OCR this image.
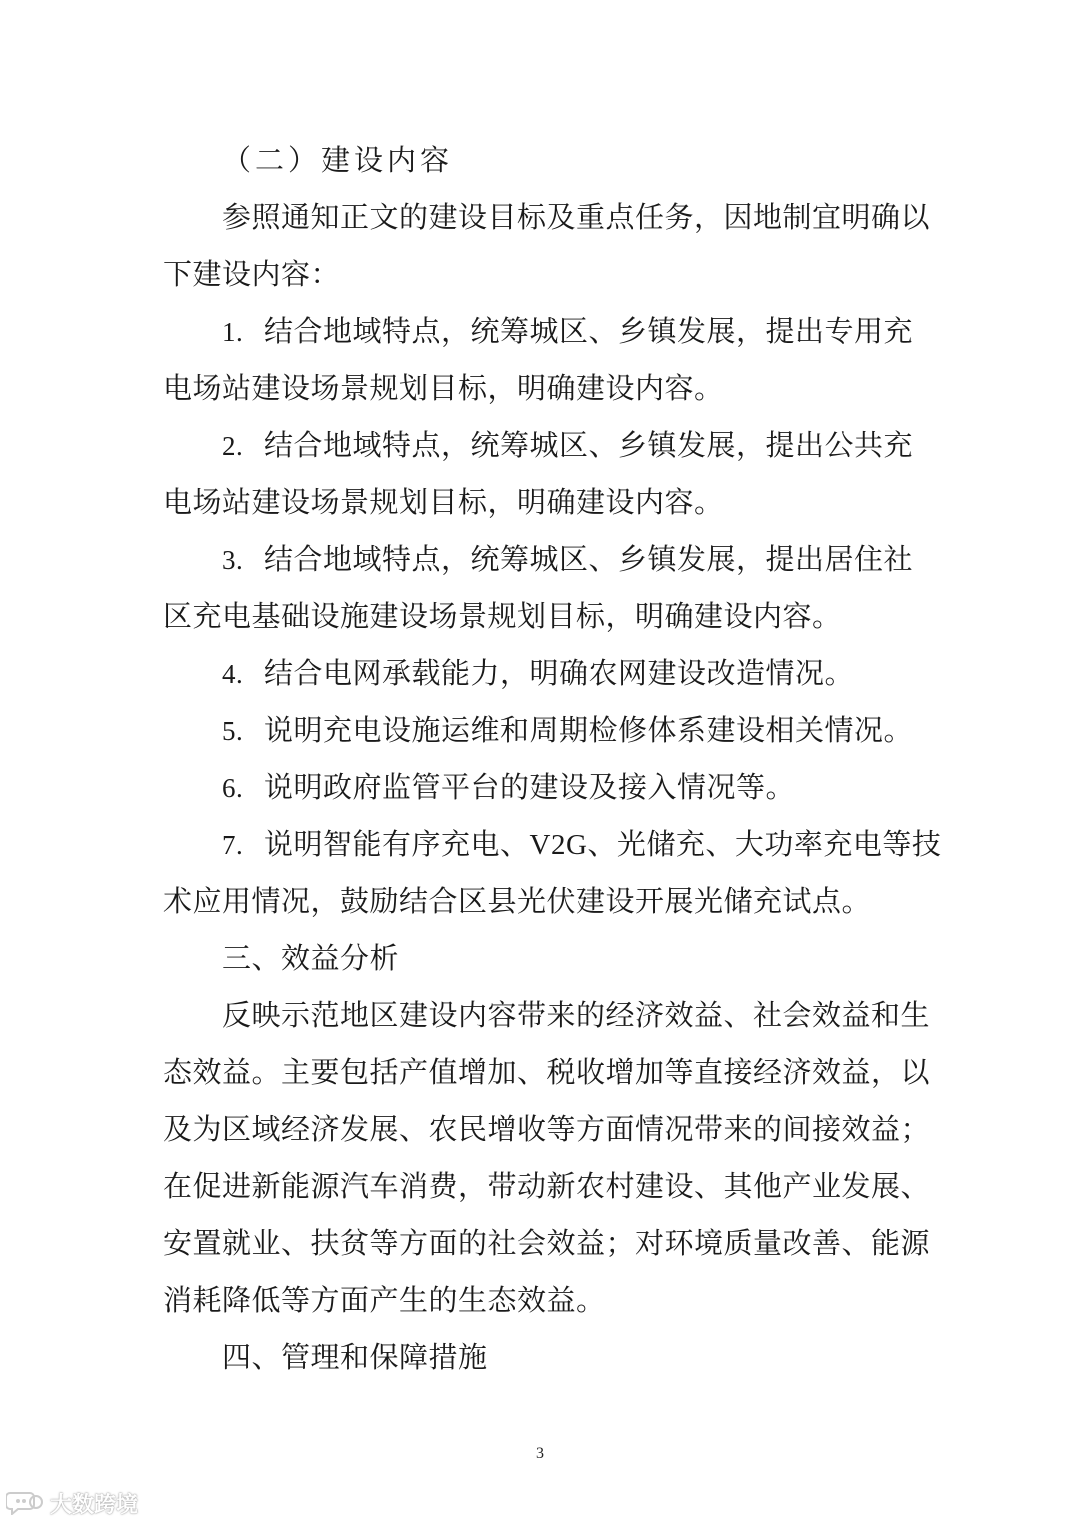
（二）建设内容
参照通知正文的建设目标及重点任务，因地制宜明确以
下建设内容：
1. 结合地域特点，统筹城区、乡镇发展，提出专用充
电场站建设场景规划目标，明确建设内容。
2. 结合地域特点，统筹城区、乡镇发展，提出公共充
电场站建设场景规划目标，明确建设内容。
3. 结合地域特点，统筹城区、乡镇发展，提出居住社
区充电基础设施建设场景规划目标，明确建设内容。
4. 结合电网承载能力，明确农网建设改造情况。
5. 说明充电设施运维和周期检修体系建设相关情况。
6. 说明政府监管平台的建设及接入情况等。
7. 说明智能有序充电、V2G、光储充、大功率充电等技
术应用情况，鼓励结合区县光伏建设开展光储充试点。
三、效益分析
反映示范地区建设内容带来的经济效益、社会效益和生
态效益。主要包括产值增加、税收增加等直接经济效益，以
及为区域经济发展、农民增收等方面情况带来的间接效益；
在促进新能源汽车消费，带动新农村建设、其他产业发展、
安置就业、扶贫等方面的社会效益；对环境质量改善、能源
消耗降低等方面产生的生态效益。
四、管理和保障措施
3
大数跨境
